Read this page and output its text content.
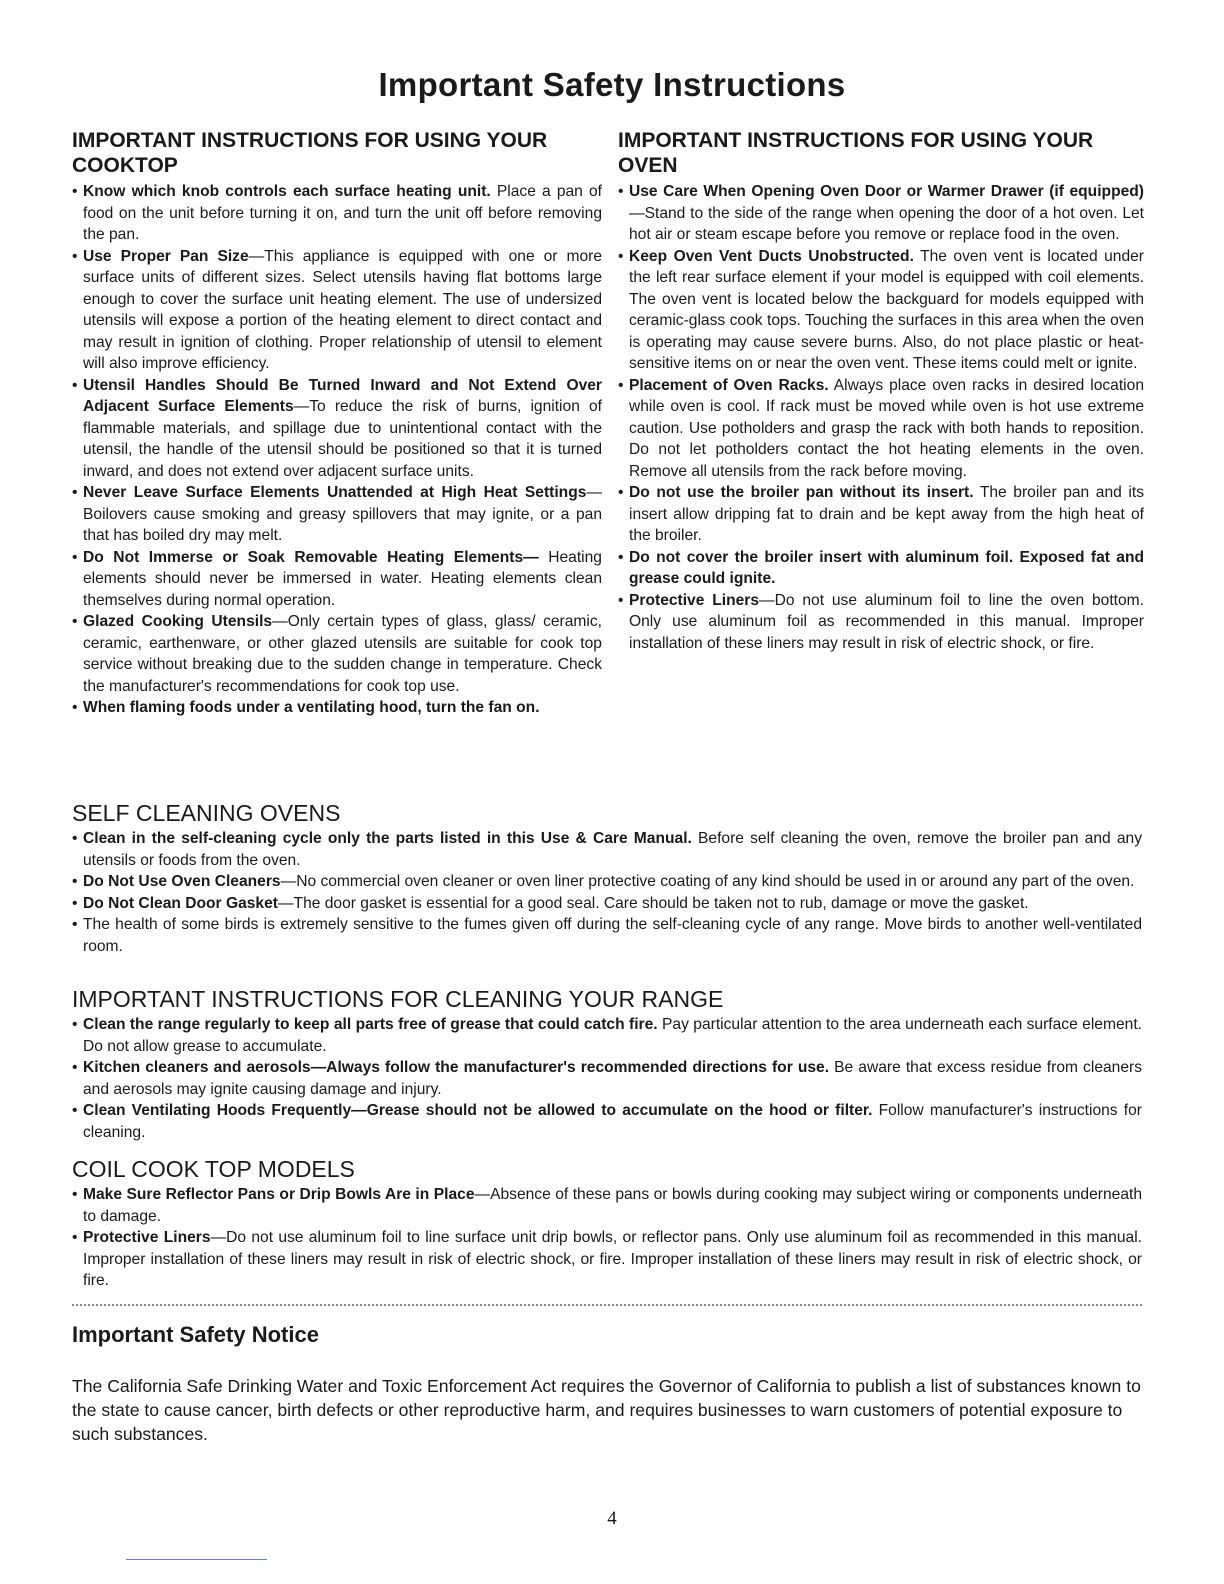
Important Safety Instructions
IMPORTANT INSTRUCTIONS FOR USING YOUR COOKTOP
• Know which knob controls each surface heating unit. Place a pan of food on the unit before turning it on, and turn the unit off before removing the pan.
• Use Proper Pan Size—This appliance is equipped with one or more surface units of different sizes. Select utensils having flat bottoms large enough to cover the surface unit heating element. The use of undersized utensils will expose a portion of the heating element to direct contact and may result in ignition of clothing. Proper relationship of utensil to element will also improve efficiency.
• Utensil Handles Should Be Turned Inward and Not Extend Over Adjacent Surface Elements—To reduce the risk of burns, ignition of flammable materials, and spillage due to unintentional contact with the utensil, the handle of the utensil should be positioned so that it is turned inward, and does not extend over adjacent surface units.
• Never Leave Surface Elements Unattended at High Heat Settings—Boilovers cause smoking and greasy spillovers that may ignite, or a pan that has boiled dry may melt.
• Do Not Immerse or Soak Removable Heating Elements— Heating elements should never be immersed in water. Heating elements clean themselves during normal operation.
• Glazed Cooking Utensils—Only certain types of glass, glass/ ceramic, ceramic, earthenware, or other glazed utensils are suitable for cook top service without breaking due to the sudden change in temperature. Check the manufacturer's recommendations for cook top use.
• When flaming foods under a ventilating hood, turn the fan on.
IMPORTANT INSTRUCTIONS FOR USING YOUR OVEN
• Use Care When Opening Oven Door or Warmer Drawer (if equipped)—Stand to the side of the range when opening the door of a hot oven. Let hot air or steam escape before you remove or replace food in the oven.
• Keep Oven Vent Ducts Unobstructed. The oven vent is located under the left rear surface element if your model is equipped with coil elements. The oven vent is located below the backguard for models equipped with ceramic-glass cook tops. Touching the surfaces in this area when the oven is operating may cause severe burns. Also, do not place plastic or heat-sensitive items on or near the oven vent. These items could melt or ignite.
• Placement of Oven Racks. Always place oven racks in desired location while oven is cool. If rack must be moved while oven is hot use extreme caution. Use potholders and grasp the rack with both hands to reposition. Do not let potholders contact the hot heating elements in the oven. Remove all utensils from the rack before moving.
• Do not use the broiler pan without its insert. The broiler pan and its insert allow dripping fat to drain and be kept away from the high heat of the broiler.
• Do not cover the broiler insert with aluminum foil. Exposed fat and grease could ignite.
• Protective Liners—Do not use aluminum foil to line the oven bottom. Only use aluminum foil as recommended in this manual. Improper installation of these liners may result in risk of electric shock, or fire.
SELF CLEANING OVENS
• Clean in the self-cleaning cycle only the parts listed in this Use & Care Manual. Before self cleaning the oven, remove the broiler pan and any utensils or foods from the oven.
• Do Not Use Oven Cleaners—No commercial oven cleaner or oven liner protective coating of any kind should be used in or around any part of the oven.
• Do Not Clean Door Gasket—The door gasket is essential for a good seal. Care should be taken not to rub, damage or move the gasket.
• The health of some birds is extremely sensitive to the fumes given off during the self-cleaning cycle of any range. Move birds to another well-ventilated room.
IMPORTANT INSTRUCTIONS FOR CLEANING YOUR RANGE
• Clean the range regularly to keep all parts free of grease that could catch fire. Pay particular attention to the area underneath each surface element. Do not allow grease to accumulate.
• Kitchen cleaners and aerosols—Always follow the manufacturer's recommended directions for use. Be aware that excess residue from cleaners and aerosols may ignite causing damage and injury.
• Clean Ventilating Hoods Frequently—Grease should not be allowed to accumulate on the hood or filter. Follow manufacturer's instructions for cleaning.
COIL COOK TOP MODELS
• Make Sure Reflector Pans or Drip Bowls Are in Place—Absence of these pans or bowls during cooking may subject wiring or components underneath to damage.
• Protective Liners—Do not use aluminum foil to line surface unit drip bowls, or reflector pans. Only use aluminum foil as recommended in this manual. Improper installation of these liners may result in risk of electric shock, or fire. Improper installation of these liners may result in risk of electric shock, or fire.
Important Safety Notice

The California Safe Drinking Water and Toxic Enforcement Act requires the Governor of California to publish a list of substances known to the state to cause cancer, birth defects or other reproductive harm, and requires businesses to warn customers of potential exposure to such substances.

4
